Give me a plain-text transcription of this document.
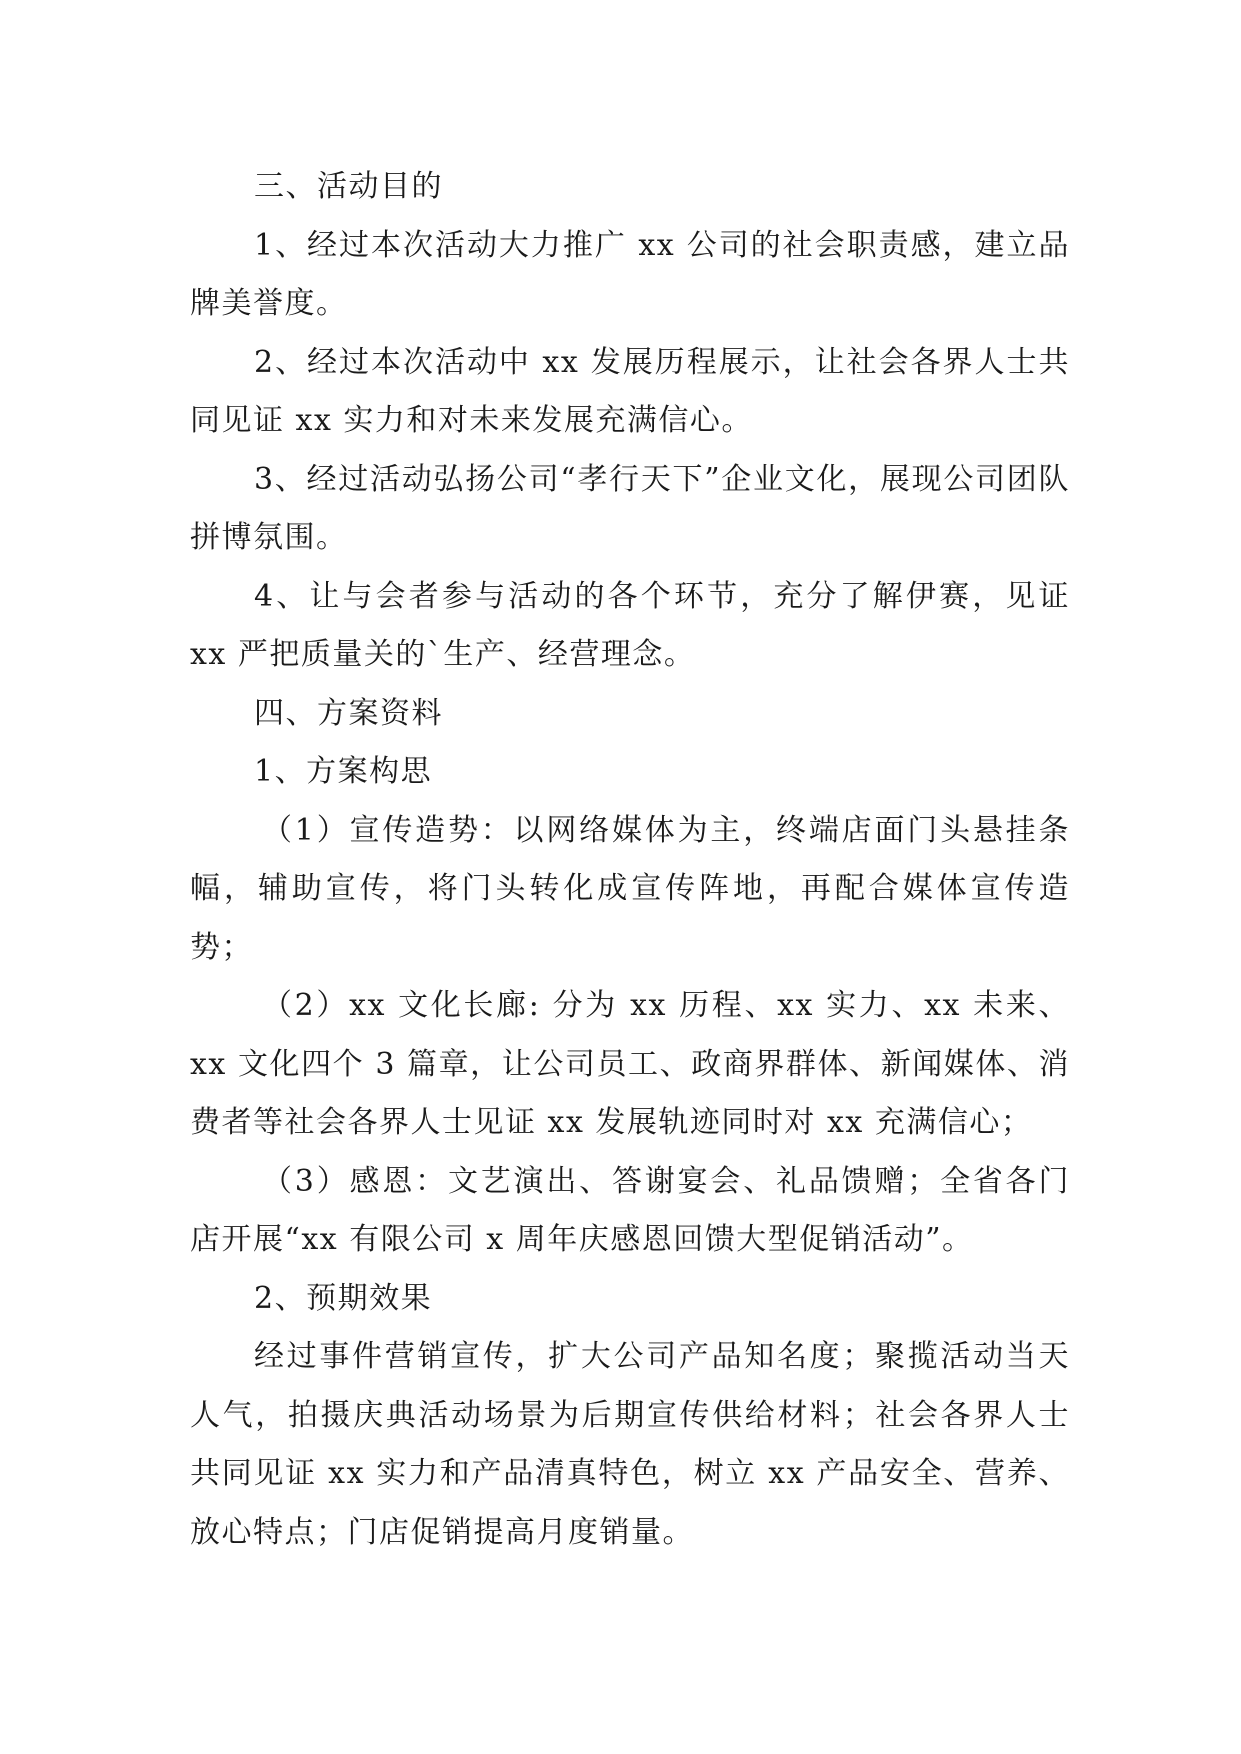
三、活动目的

1、经过本次活动大力推广 xx 公司的社会职责感，建立品牌美誉度。

2、经过本次活动中 xx 发展历程展示，让社会各界人士共同见证 xx 实力和对未来发展充满信心。

3、经过活动弘扬公司“孝行天下”企业文化，展现公司团队拼博氛围。

4、让与会者参与活动的各个环节，充分了解伊赛，见证 xx 严把质量关的`生产、经营理念。

四、方案资料

1、方案构思

（1）宣传造势：以网络媒体为主，终端店面门头悬挂条幅，辅助宣传，将门头转化成宣传阵地，再配合媒体宣传造势；

（2）xx 文化长廊: 分为 xx 历程、xx 实力、xx 未来、xx 文化四个 3 篇章，让公司员工、政商界群体、新闻媒体、消费者等社会各界人士见证 xx 发展轨迹同时对 xx 充满信心；

（3）感恩：文艺演出、答谢宴会、礼品馈赠；全省各门店开展“xx 有限公司 x 周年庆感恩回馈大型促销活动”。

2、预期效果

经过事件营销宣传，扩大公司产品知名度；聚揽活动当天人气，拍摄庆典活动场景为后期宣传供给材料；社会各界人士共同见证 xx 实力和产品清真特色，树立 xx 产品安全、营养、放心特点；门店促销提高月度销量。
